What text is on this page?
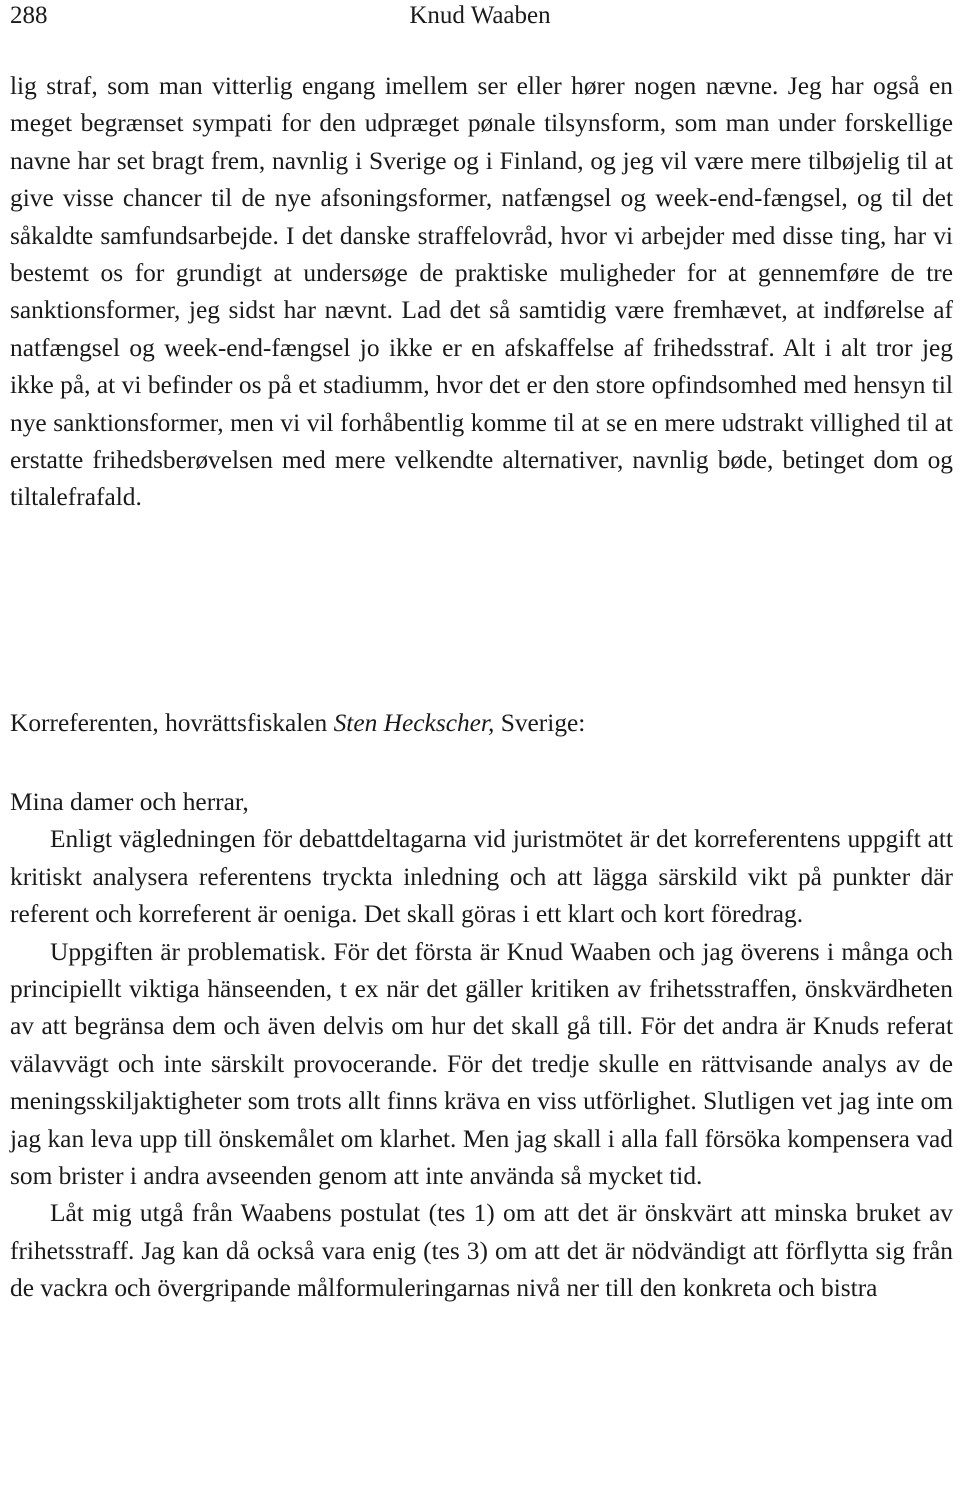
288	Knud Waaben
lig straf, som man vitterlig engang imellem ser eller hører nogen nævne. Jeg har også en meget begrænset sympati for den udpræget pønale tilsynsform, som man under forskellige navne har set bragt frem, navnlig i Sverige og i Finland, og jeg vil være mere tilbøjelig til at give visse chancer til de nye afsoningsformer, natfængsel og week-end-fængsel, og til det såkaldte samfundsarbejde. I det danske straffelovråd, hvor vi arbejder med disse ting, har vi bestemt os for grundigt at undersøge de praktiske muligheder for at gennemføre de tre sanktionsformer, jeg sidst har nævnt. Lad det så samtidig være fremhævet, at indførelse af natfængsel og week-end-fængsel jo ikke er en afskaffelse af frihedsstraf. Alt i alt tror jeg ikke på, at vi befinder os på et stadiumm, hvor det er den store opfindsomhed med hensyn til nye sanktionsformer, men vi vil forhåbentlig komme til at se en mere udstrakt villighed til at erstatte frihedsberøvelsen med mere velkendte alternativer, navnlig bøde, betinget dom og tiltalefrafald.
Korreferenten, hovrättsfiskalen Sten Heckscher, Sverige:

Mina damer och herrar,

Enligt vägledningen för debattdeltagarna vid juristmötet är det korreferentens uppgift att kritiskt analysera referentens tryckta inledning och att lägga särskild vikt på punkter där referent och korreferent är oeniga. Det skall göras i ett klart och kort föredrag.

Uppgiften är problematisk. För det första är Knud Waaben och jag överens i många och principiellt viktiga hänseenden, t ex när det gäller kritiken av frihetsstraffen, önskvärdheten av att begränsa dem och även delvis om hur det skall gå till. För det andra är Knuds referat välavvägt och inte särskilt provocerande. För det tredje skulle en rättvisande analys av de meningsskiljaktigheter som trots allt finns kräva en viss utförlighet. Slutligen vet jag inte om jag kan leva upp till önskemålet om klarhet. Men jag skall i alla fall försöka kompensera vad som brister i andra avseenden genom att inte använda så mycket tid.

Låt mig utgå från Waabens postulat (tes 1) om att det är önskvärt att minska bruket av frihetsstraff. Jag kan då också vara enig (tes 3) om att det är nödvändigt att förflytta sig från de vackra och övergripande målformuleringarnas nivå ner till den konkreta och bistra
